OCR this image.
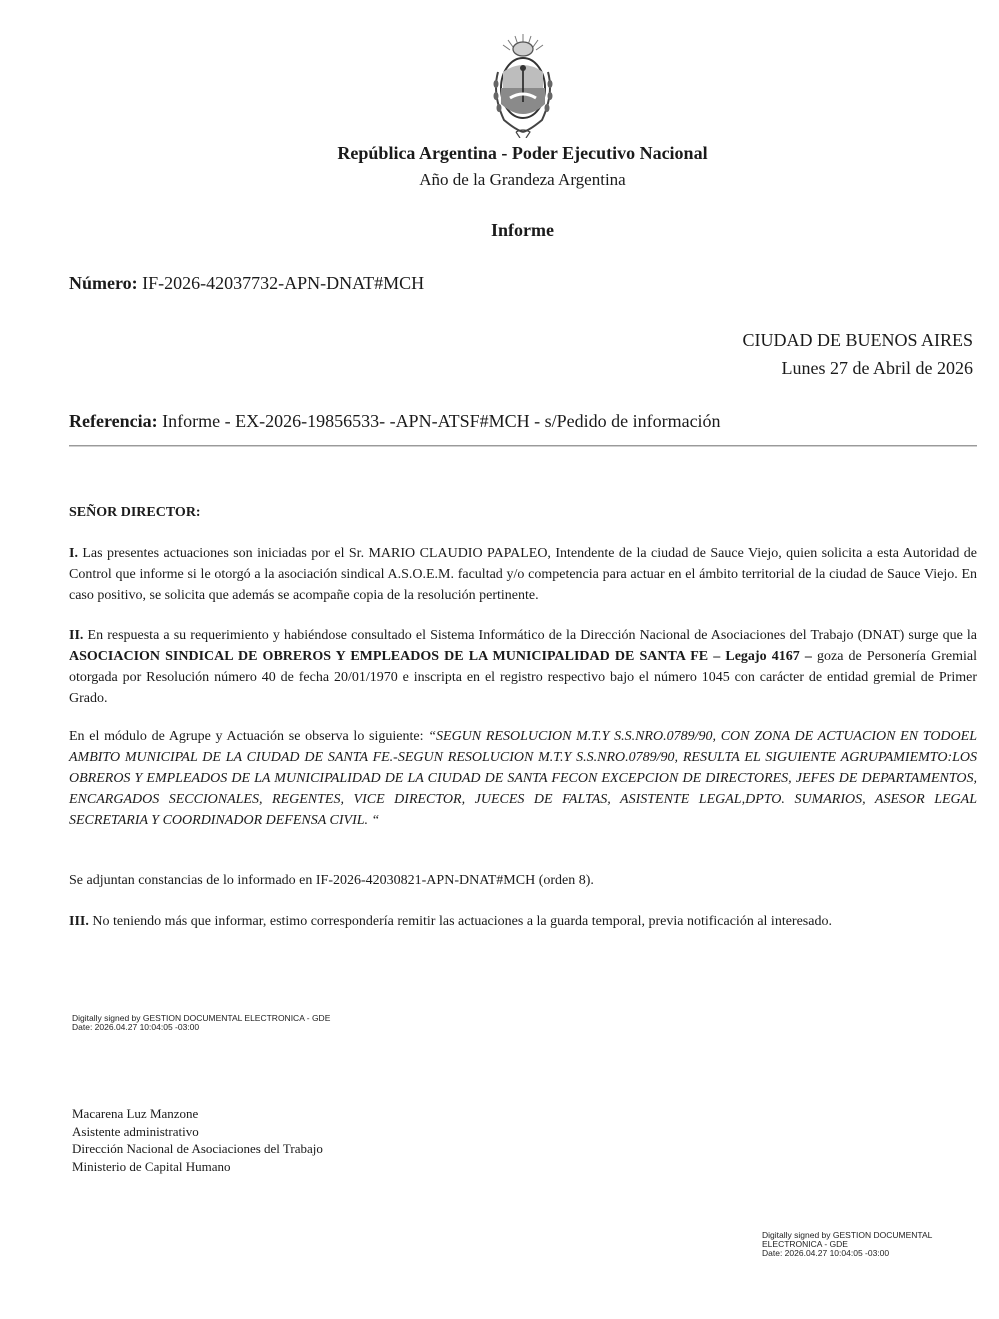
República Argentina - Poder Ejecutivo Nacional
Año de la Grandeza Argentina
Informe
Número: IF-2026-42037732-APN-DNAT#MCH
CIUDAD DE BUENOS AIRES
Lunes 27 de Abril de 2026
Referencia: Informe - EX-2026-19856533- -APN-ATSF#MCH - s/Pedido de información
SEÑOR DIRECTOR:
I. Las presentes actuaciones son iniciadas por el Sr. MARIO CLAUDIO PAPALEO, Intendente de la ciudad de Sauce Viejo, quien solicita a esta Autoridad de Control que informe si le otorgó a la asociación sindical A.S.O.E.M. facultad y/o competencia para actuar en el ámbito territorial de la ciudad de Sauce Viejo. En caso positivo, se solicita que además se acompañe copia de la resolución pertinente.
II. En respuesta a su requerimiento y habiéndose consultado el Sistema Informático de la Dirección Nacional de Asociaciones del Trabajo (DNAT) surge que la ASOCIACION SINDICAL DE OBREROS Y EMPLEADOS DE LA MUNICIPALIDAD DE SANTA FE – Legajo 4167 – goza de Personería Gremial otorgada por Resolución número 40 de fecha 20/01/1970 e inscripta en el registro respectivo bajo el número 1045 con carácter de entidad gremial de Primer Grado.
En el módulo de Agrupe y Actuación se observa lo siguiente: “SEGUN RESOLUCION M.T.Y S.S.NRO.0789/90, CON ZONA DE ACTUACION EN TODOEL AMBITO MUNICIPAL DE LA CIUDAD DE SANTA FE.-SEGUN RESOLUCION M.T.Y S.S.NRO.0789/90, RESULTA EL SIGUIENTE AGRUPAMIEMTO:LOS OBREROS Y EMPLEADOS DE LA MUNICIPALIDAD DE LA CIUDAD DE SANTA FECON EXCEPCION DE DIRECTORES, JEFES DE DEPARTAMENTOS, ENCARGADOS SECCIONALES, REGENTES, VICE DIRECTOR, JUECES DE FALTAS, ASISTENTE LEGAL,DPTO. SUMARIOS, ASESOR LEGAL SECRETARIA Y COORDINADOR DEFENSA CIVIL. “
Se adjuntan constancias de lo informado en IF-2026-42030821-APN-DNAT#MCH (orden 8).
III. No teniendo más que informar, estimo correspondería remitir las actuaciones a la guarda temporal, previa notificación al interesado.
Digitally signed by GESTION DOCUMENTAL ELECTRONICA - GDE
Date: 2026.04.27 10:04:05 -03:00
Macarena Luz Manzone
Asistente administrativo
Dirección Nacional de Asociaciones del Trabajo
Ministerio de Capital Humano
Digitally signed by GESTION DOCUMENTAL
ELECTRONICA - GDE
Date: 2026.04.27 10:04:05 -03:00
